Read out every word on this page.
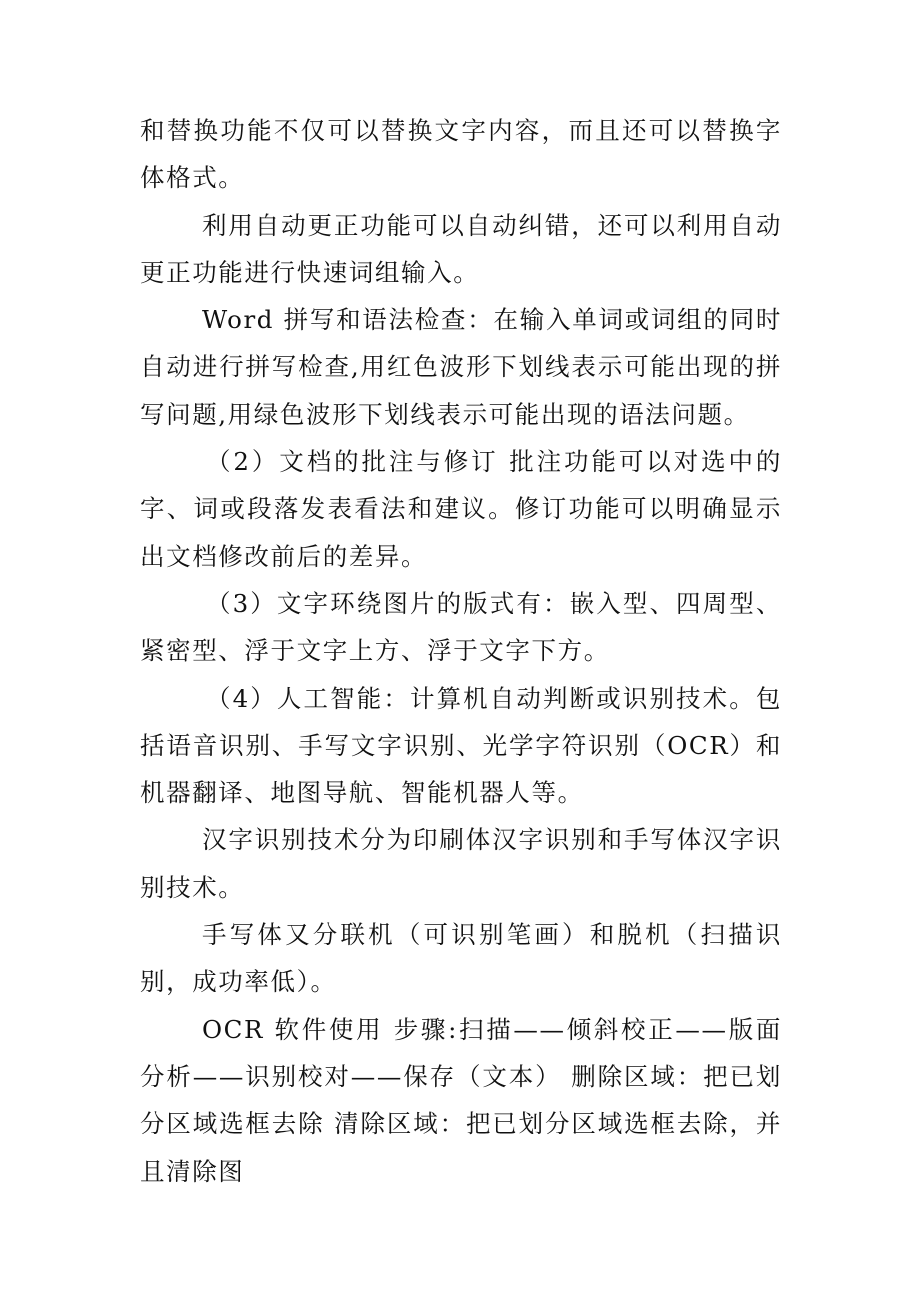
和替换功能不仅可以替换文字内容，而且还可以替换字体格式。

利用自动更正功能可以自动纠错，还可以利用自动更正功能进行快速词组输入。

Word 拼写和语法检查：在输入单词或词组的同时自动进行拼写检查,用红色波形下划线表示可能出现的拼写问题,用绿色波形下划线表示可能出现的语法问题。

（2）文档的批注与修订 批注功能可以对选中的字、词或段落发表看法和建议。修订功能可以明确显示出文档修改前后的差异。

（3）文字环绕图片的版式有：嵌入型、四周型、紧密型、浮于文字上方、浮于文字下方。

（4）人工智能：计算机自动判断或识别技术。包括语音识别、手写文字识别、光学字符识别（OCR）和机器翻译、地图导航、智能机器人等。

汉字识别技术分为印刷体汉字识别和手写体汉字识别技术。

手写体又分联机（可识别笔画）和脱机（扫描识别，成功率低）。

OCR 软件使用 步骤:扫描——倾斜校正——版面分析——识别校对——保存（文本） 删除区域：把已划分区域选框去除 清除区域：把已划分区域选框去除，并且清除图
